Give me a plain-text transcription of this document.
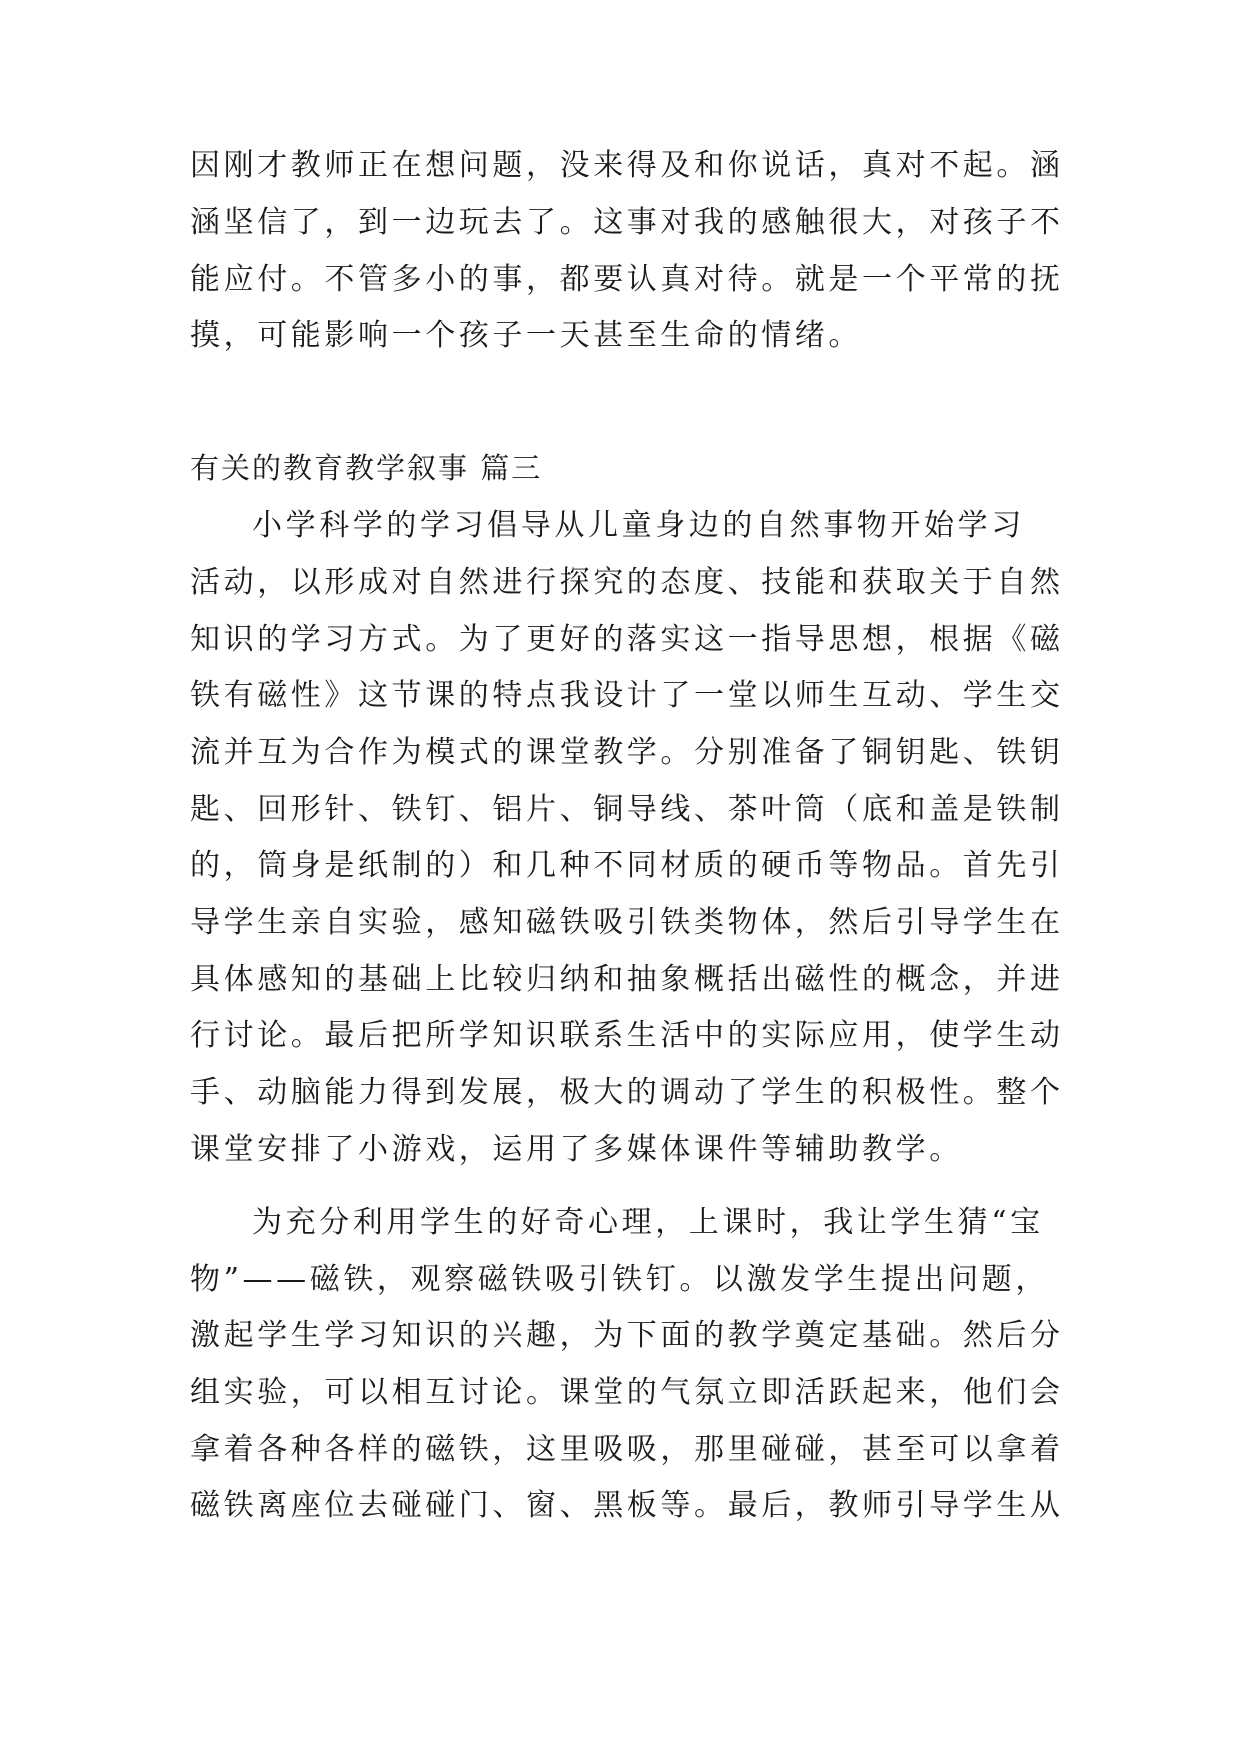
因刚才教师正在想问题，没来得及和你说话，真对不起。涵
涵坚信了，到一边玩去了。这事对我的感触很大，对孩子不
能应付。不管多小的事，都要认真对待。就是一个平常的抚
摸，可能影响一个孩子一天甚至生命的情绪。
有关的教育教学叙事 篇三
小学科学的学习倡导从儿童身边的自然事物开始学习
活动，以形成对自然进行探究的态度、技能和获取关于自然
知识的学习方式。为了更好的落实这一指导思想，根据《磁
铁有磁性》这节课的特点我设计了一堂以师生互动、学生交
流并互为合作为模式的课堂教学。分别准备了铜钥匙、铁钥
匙、回形针、铁钉、铝片、铜导线、茶叶筒（底和盖是铁制
的，筒身是纸制的）和几种不同材质的硬币等物品。首先引
导学生亲自实验，感知磁铁吸引铁类物体，然后引导学生在
具体感知的基础上比较归纳和抽象概括出磁性的概念，并进
行讨论。最后把所学知识联系生活中的实际应用，使学生动
手、动脑能力得到发展，极大的调动了学生的积极性。整个
课堂安排了小游戏，运用了多媒体课件等辅助教学。
为充分利用学生的好奇心理，上课时，我让学生猜“宝
物”——磁铁，观察磁铁吸引铁钉。以激发学生提出问题，
激起学生学习知识的兴趣，为下面的教学奠定基础。然后分
组实验，可以相互讨论。课堂的气氛立即活跃起来，他们会
拿着各种各样的磁铁，这里吸吸，那里碰碰，甚至可以拿着
磁铁离座位去碰碰门、窗、黑板等。最后，教师引导学生从
